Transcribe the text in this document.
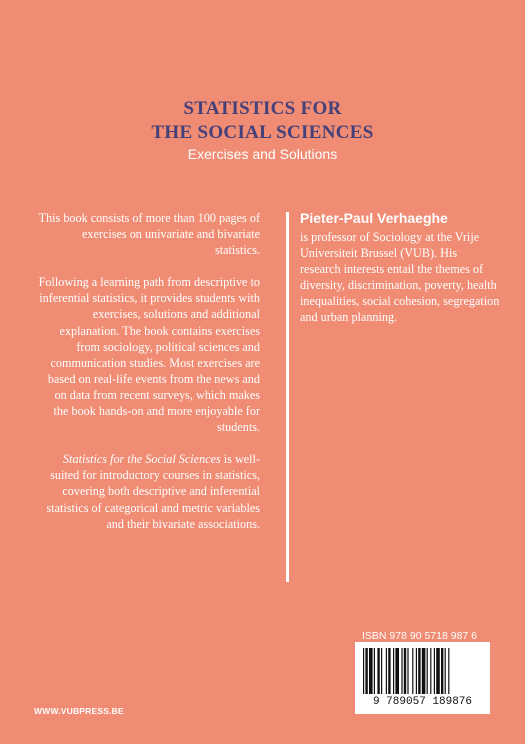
STATISTICS FOR
THE SOCIAL SCIENCES
Exercises and Solutions

This book consists of more than 100 pages of exercises on univariate and bivariate statistics.

Following a learning path from descriptive to inferential statistics, it provides students with exercises, solutions and additional explanation. The book contains exercises from sociology, political sciences and communication studies. Most exercises are based on real-life events from the news and on data from recent surveys, which makes the book hands-on and more enjoyable for students.

Statistics for the Social Sciences is well-suited for introductory courses in statistics, covering both descriptive and inferential statistics of categorical and metric variables and their bivariate associations.

Pieter-Paul Verhaeghe

is professor of Sociology at the Vrije Universiteit Brussel (VUB). His research interests entail the themes of diversity, discrimination, poverty, health inequalities, social cohesion, segregation and urban planning.

ISBN 978 90 5718 987 6
9 789057 189876
WWW.VUBPRESS.BE
